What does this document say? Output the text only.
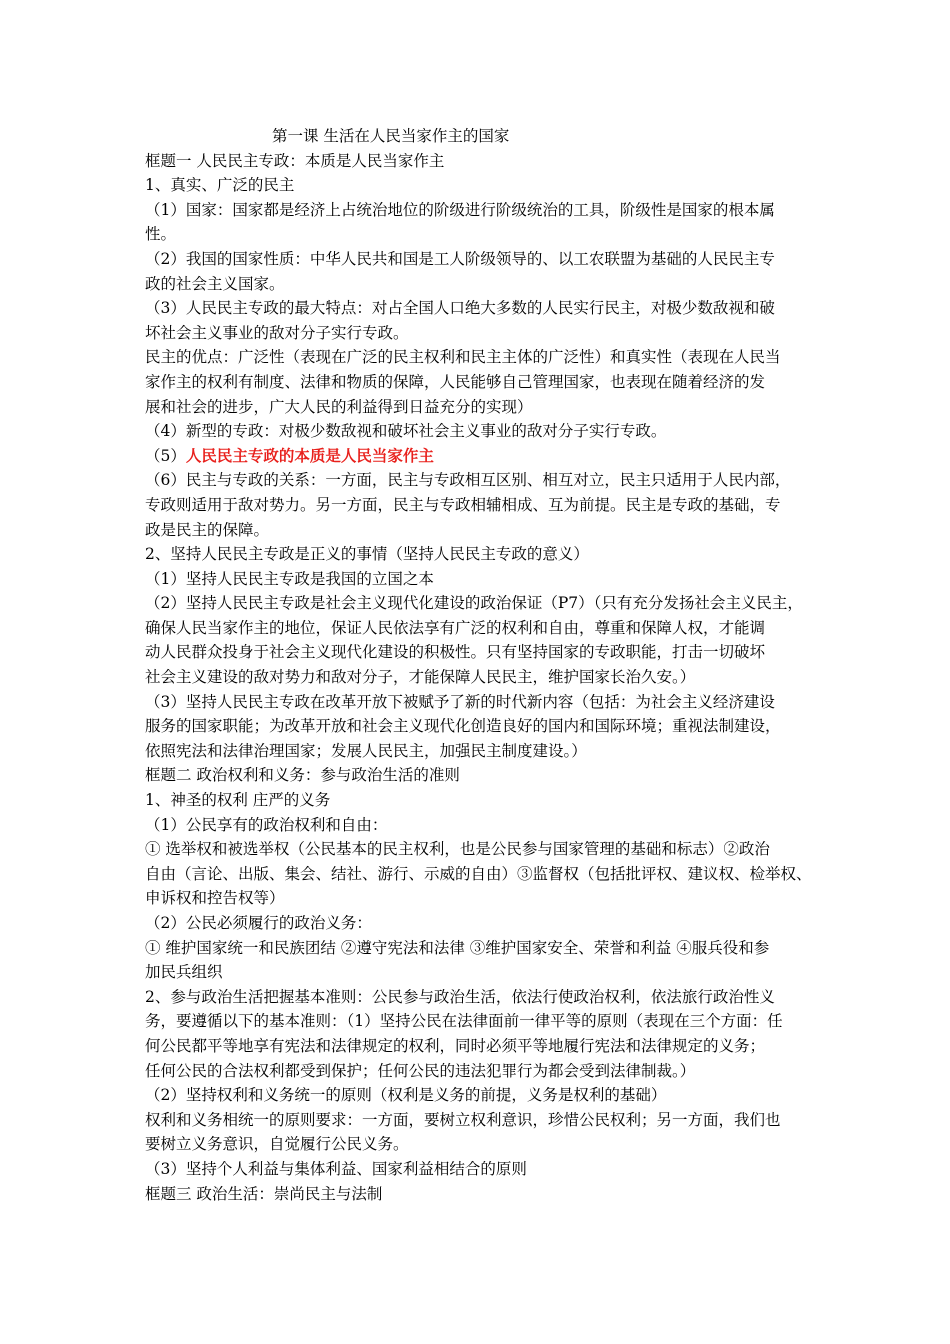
第一课 生活在人民当家作主的国家
框题一 人民民主专政：本质是人民当家作主
1、真实、广泛的民主
（1）国家：国家都是经济上占统治地位的阶级进行阶级统治的工具，阶级性是国家的根本属
性。
（2）我国的国家性质：中华人民共和国是工人阶级领导的、以工农联盟为基础的人民民主专
政的社会主义国家。
（3）人民民主专政的最大特点：对占全国人口绝大多数的人民实行民主，对极少数敌视和破
坏社会主义事业的敌对分子实行专政。
民主的优点：广泛性（表现在广泛的民主权利和民主主体的广泛性）和真实性（表现在人民当
家作主的权利有制度、法律和物质的保障，人民能够自己管理国家，也表现在随着经济的发
展和社会的进步，广大人民的利益得到日益充分的实现）
（4）新型的专政：对极少数敌视和破坏社会主义事业的敌对分子实行专政。
（5）人民民主专政的本质是人民当家作主
（6）民主与专政的关系：一方面，民主与专政相互区别、相互对立，民主只适用于人民内部，
专政则适用于敌对势力。另一方面，民主与专政相辅相成、互为前提。民主是专政的基础，专
政是民主的保障。
2、坚持人民民主专政是正义的事情（坚持人民民主专政的意义）
（1）坚持人民民主专政是我国的立国之本
（2）坚持人民民主专政是社会主义现代化建设的政治保证（P7）（只有充分发扬社会主义民主，
确保人民当家作主的地位，保证人民依法享有广泛的权利和自由，尊重和保障人权，才能调
动人民群众投身于社会主义现代化建设的积极性。只有坚持国家的专政职能，打击一切破坏
社会主义建设的敌对势力和敌对分子，才能保障人民民主，维护国家长治久安。）
（3）坚持人民民主专政在改革开放下被赋予了新的时代新内容（包括：为社会主义经济建设
服务的国家职能；为改革开放和社会主义现代化创造良好的国内和国际环境；重视法制建设，
依照宪法和法律治理国家；发展人民民主，加强民主制度建设。）
框题二 政治权利和义务：参与政治生活的准则
1、神圣的权利 庄严的义务
（1）公民享有的政治权利和自由：
① 选举权和被选举权（公民基本的民主权利，也是公民参与国家管理的基础和标志）②政治
自由（言论、出版、集会、结社、游行、示威的自由）③监督权（包括批评权、建议权、检举权、
申诉权和控告权等）
（2）公民必须履行的政治义务：
① 维护国家统一和民族团结 ②遵守宪法和法律 ③维护国家安全、荣誉和利益 ④服兵役和参
加民兵组织
2、参与政治生活把握基本准则：公民参与政治生活，依法行使政治权利，依法旅行政治性义
务，要遵循以下的基本准则：（1）坚持公民在法律面前一律平等的原则（表现在三个方面：任
何公民都平等地享有宪法和法律规定的权利，同时必须平等地履行宪法和法律规定的义务；
任何公民的合法权利都受到保护；任何公民的违法犯罪行为都会受到法律制裁。）
（2）坚持权利和义务统一的原则（权利是义务的前提，义务是权利的基础）
权利和义务相统一的原则要求：一方面，要树立权利意识，珍惜公民权利；另一方面，我们也
要树立义务意识，自觉履行公民义务。
（3）坚持个人利益与集体利益、国家利益相结合的原则
框题三 政治生活：崇尚民主与法制
